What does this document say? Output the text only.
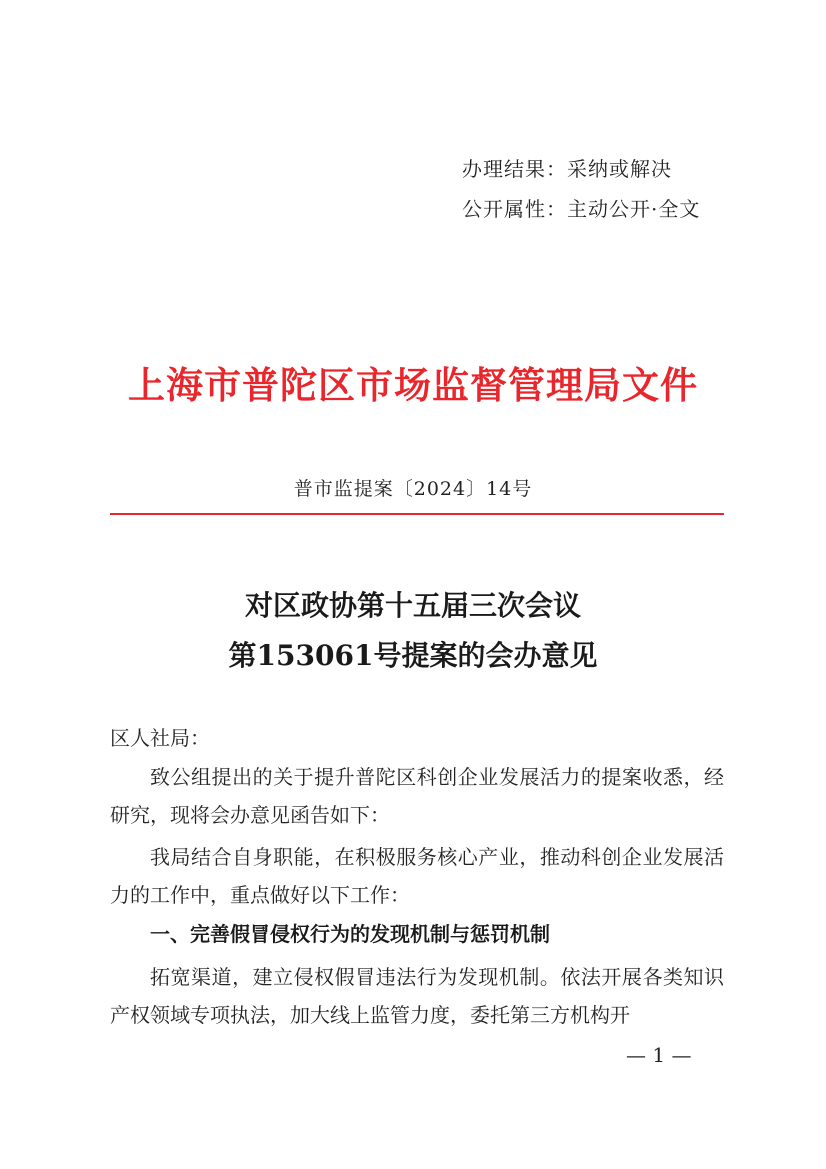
办理结果：采纳或解决
公开属性：主动公开·全文
上海市普陀区市场监督管理局文件
普市监提案〔2024〕14号
对区政协第十五届三次会议
第153061号提案的会办意见
区人社局：

致公组提出的关于提升普陀区科创企业发展活力的提案收悉，经研究，现将会办意见函告如下：

我局结合自身职能，在积极服务核心产业，推动科创企业发展活力的工作中，重点做好以下工作：

一、完善假冒侵权行为的发现机制与惩罚机制

拓宽渠道，建立侵权假冒违法行为发现机制。依法开展各类知识产权领域专项执法，加大线上监管力度，委托第三方机构开

— 1 —
